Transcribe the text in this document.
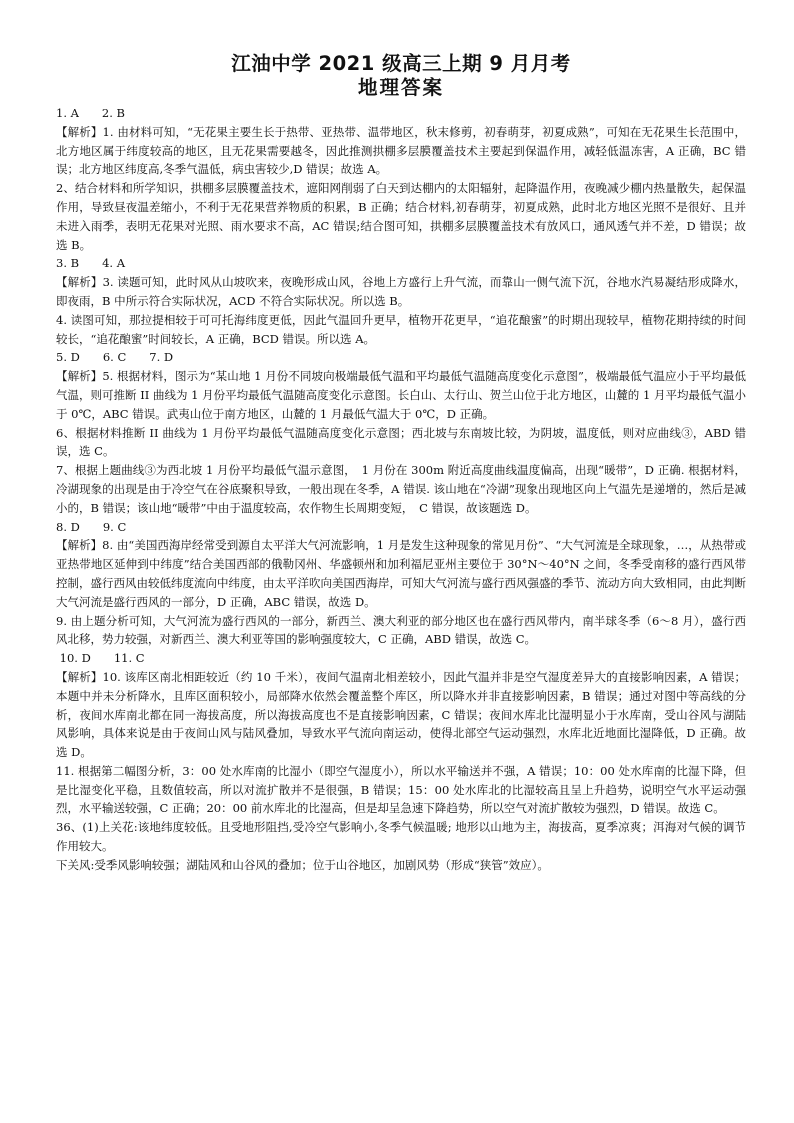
江油中学 2021 级高三上期 9 月月考
地理答案

1. A　　2. B

【解析】1. 由材料可知，“无花果主要生长于热带、亚热带、温带地区，秋末修剪，初春萌芽，初夏成熟”，可知在无花果生长范围中，北方地区属于纬度较高的地区，且无花果需要越冬，因此推测拱棚多层膜覆盖技术主要起到保温作用，减轻低温冻害，A 正确，BC 错误；北方地区纬度高,冬季气温低，病虫害较少,D 错误；故选 A。

2、结合材料和所学知识，拱棚多层膜覆盖技术，遮阳网削弱了白天到达棚内的太阳辐射，起降温作用，夜晚减少棚内热量散失，起保温作用，导致昼夜温差缩小，不利于无花果营养物质的积累，B 正确；结合材料,初春萌芽，初夏成熟，此时北方地区光照不是很好、且并未进入雨季，表明无花果对光照、雨水要求不高，AC 错误;结合图可知，拱棚多层膜覆盖技术有放风口，通风透气并不差，D 错误；故选 B。

3. B　　4. A

【解析】3. 读题可知，此时风从山坡吹来，夜晚形成山风，谷地上方盛行上升气流，而靠山一侧气流下沉，谷地水汽易凝结形成降水，即夜雨，B 中所示符合实际状况，ACD 不符合实际状况。所以选 B。

4. 读图可知，那拉提相较于可可托海纬度更低，因此气温回升更早，植物开花更早，“追花酿蜜”的时期出现较早，植物花期持续的时间较长，“追花酿蜜”时间较长，A 正确，BCD 错误。所以选 A。

5. D　　6. C　　7. D

【解析】5. 根据材料，图示为“某山地 1 月份不同坡向极端最低气温和平均最低气温随高度变化示意图”，极端最低气温应小于平均最低气温，则可推断 II 曲线为 1 月份平均最低气温随高度变化示意图。长白山、太行山、贺兰山位于北方地区，山麓的 1 月平均最低气温小于 0℃，ABC 错误。武夷山位于南方地区，山麓的 1 月最低气温大于 0℃，D 正确。

6、根据材料推断 II 曲线为 1 月份平均最低气温随高度变化示意图；西北坡与东南坡比较，为阴坡，温度低，则对应曲线③，ABD 错误，选 C。

7、根据上题曲线③为西北坡 1 月份平均最低气温示意图，　1 月份在 300m 附近高度曲线温度偏高，出现“暖带”，D 正确. 根据材料，冷湖现象的出现是由于冷空气在谷底聚积导致，一般出现在冬季，A 错误. 该山地在“冷湖”现象出现地区向上气温先是递增的，然后是减小的，B 错误；该山地“暖带”中由于温度较高，农作物生长周期变短，　C 错误，故该题选 D。

8. D　　9. C

【解析】8. 由“美国西海岸经常受到源自太平洋大气河流影响，1 月是发生这种现象的常见月份”、“大气河流是全球现象，…，从热带或亚热带地区延伸到中纬度”结合美国西部的俄勒冈州、华盛顿州和加利福尼亚州主要位于 30°N～40°N 之间，冬季受南移的盛行西风带控制，盛行西风由较低纬度流向中纬度，由太平洋吹向美国西海岸，可知大气河流与盛行西风强盛的季节、流动方向大致相同，由此判断大气河流是盛行西风的一部分，D 正确，ABC 错误，故选 D。

9. 由上题分析可知，大气河流为盛行西风的一部分，新西兰、澳大利亚的部分地区也在盛行西风带内，南半球冬季（6～8 月），盛行西风北移，势力较强，对新西兰、澳大利亚等国的影响强度较大，C 正确，ABD 错误，故选 C。

10. D　　11. C

【解析】10. 该库区南北相距较近（约 10 千米），夜间气温南北相差较小，因此气温并非是空气湿度差异大的直接影响因素，A 错误；本题中并未分析降水，且库区面积较小，局部降水依然会覆盖整个库区，所以降水并非直接影响因素，B 错误；通过对图中等高线的分析，夜间水库南北都在同一海拔高度，所以海拔高度也不是直接影响因素，C 错误；夜间水库北比湿明显小于水库南，受山谷风与湖陆风影响，具体来说是由于夜间山风与陆风叠加，导致水平气流向南运动，使得北部空气运动强烈，水库北近地面比湿降低，D 正确。故选 D。

11. 根据第二幅图分析，3：00 处水库南的比湿小（即空气湿度小），所以水平输送并不强，A 错误；10：00 处水库南的比湿下降，但是比湿变化平稳，且数值较高，所以对流扩散并不是很强，B 错误；15：00 处水库北的比湿较高且呈上升趋势，说明空气水平运动强烈，水平输送较强，C 正确；20：00 前水库北的比湿高，但是却呈急速下降趋势，所以空气对流扩散较为强烈，D 错误。故选 C。

36、(1)上关花:该地纬度较低。且受地形阻挡,受冷空气影响小,冬季气候温暖; 地形以山地为主，海拔高，夏季凉爽；洱海对气候的调节作用较大。

下关风:受季风影响较强；湖陆风和山谷风的叠加；位于山谷地区，加剧风势（形成“狭管”效应）。
